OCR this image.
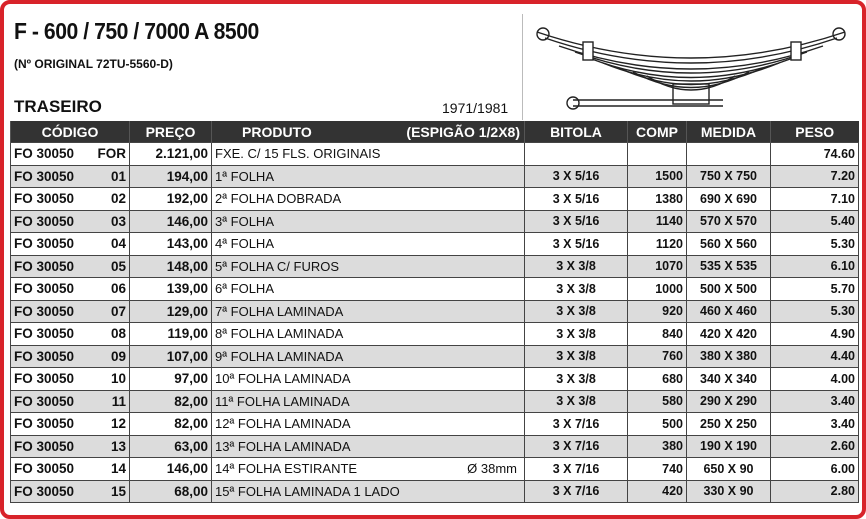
F - 600 / 750 / 7000 A 8500
(Nº ORIGINAL 72TU-5560-D)
TRASEIRO	1971/1981
CÓDIGO	PREÇO	PRODUTO (ESPIGÃO 1/2X8)	BITOLA	COMP	MEDIDA	PESO

FO 30050 FOR	2.121,00	FXE. C/ 15 FLS. ORIGINAIS				74.60

FO 30050 01	194,00	1ª FOLHA	3 X 5/16	1500	750 X 750	7.20

FO 30050 02	192,00	2ª FOLHA DOBRADA	3 X 5/16	1380	690 X 690	7.10

FO 30050 03	146,00	3ª FOLHA	3 X 5/16	1140	570 X 570	5.40

FO 30050 04	143,00	4ª FOLHA	3 X 5/16	1120	560 X 560	5.30

FO 30050 05	148,00	5ª FOLHA C/ FUROS	3 X 3/8	1070	535 X 535	6.10

FO 30050 06	139,00	6ª FOLHA	3 X 3/8	1000	500 X 500	5.70

FO 30050 07	129,00	7ª FOLHA LAMINADA	3 X 3/8	920	460 X 460	5.30

FO 30050 08	119,00	8ª FOLHA LAMINADA	3 X 3/8	840	420 X 420	4.90

FO 30050 09	107,00	9ª FOLHA LAMINADA	3 X 3/8	760	380 X 380	4.40

FO 30050 10	97,00	10ª FOLHA LAMINADA	3 X 3/8	680	340 X 340	4.00

FO 30050 11	82,00	11ª FOLHA LAMINADA	3 X 3/8	580	290 X 290	3.40

FO 30050 12	82,00	12ª FOLHA LAMINADA	3 X 7/16	500	250 X 250	3.40

FO 30050 13	63,00	13ª FOLHA LAMINADA	3 X 7/16	380	190 X 190	2.60

FO 30050 14	146,00	14ª FOLHA ESTIRANTE Ø 38mm	3 X 7/16	740	650 X 90	6.00

FO 30050 15	68,00	15ª FOLHA LAMINADA 1 LADO	3 X 7/16	420	330 X 90	2.80
